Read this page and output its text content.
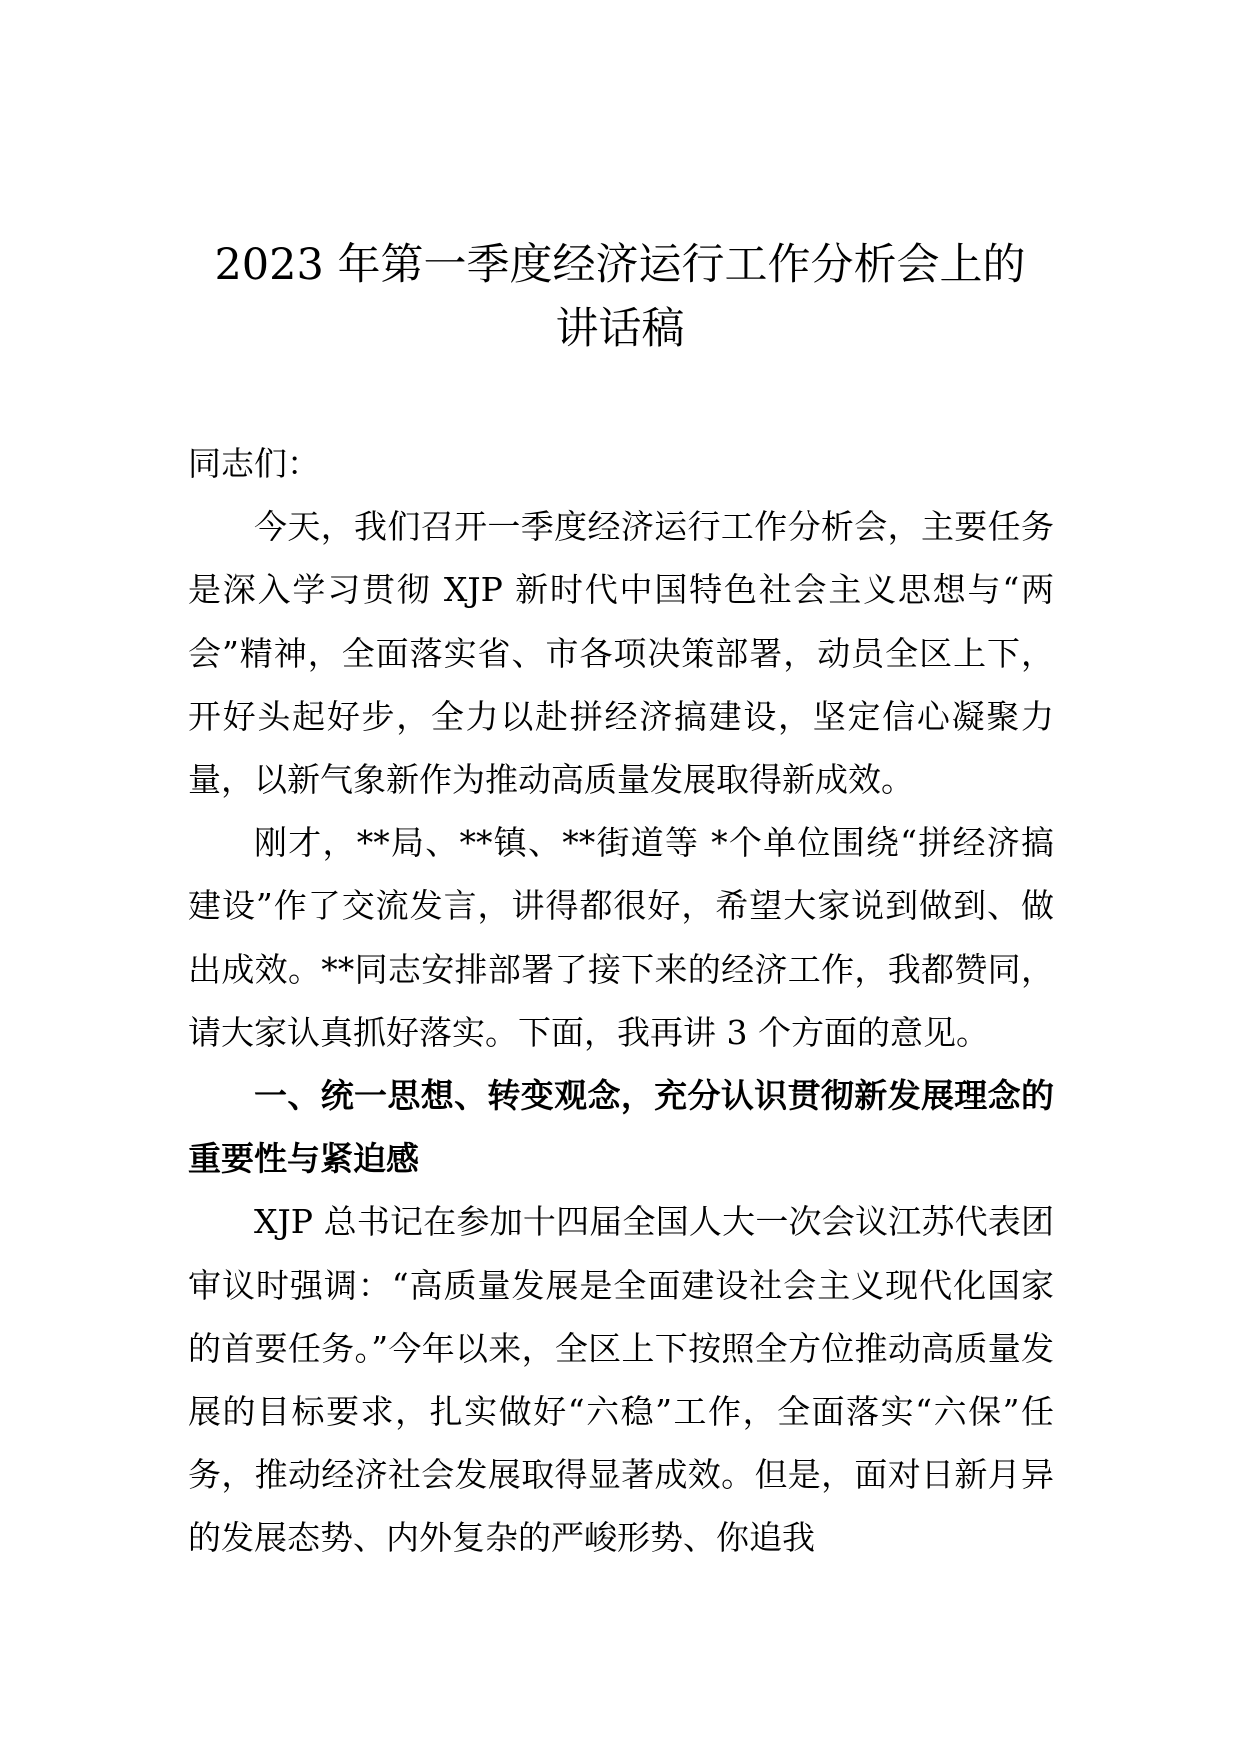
2023 年第一季度经济运行工作分析会上的
讲话稿

同志们：

今天，我们召开一季度经济运行工作分析会，主要任务是深入学习贯彻 XJP 新时代中国特色社会主义思想与“两会”精神，全面落实省、市各项决策部署，动员全区上下，开好头起好步，全力以赴拼经济搞建设，坚定信心凝聚力量，以新气象新作为推动高质量发展取得新成效。

刚才，**局、**镇、**街道等 *个单位围绕“拼经济搞建设”作了交流发言，讲得都很好，希望大家说到做到、做出成效。**同志安排部署了接下来的经济工作，我都赞同，请大家认真抓好落实。下面，我再讲 3 个方面的意见。

一、统一思想、转变观念，充分认识贯彻新发展理念的重要性与紧迫感

XJP 总书记在参加十四届全国人大一次会议江苏代表团审议时强调：“高质量发展是全面建设社会主义现代化国家的首要任务。”今年以来，全区上下按照全方位推动高质量发展的目标要求，扎实做好“六稳”工作，全面落实“六保”任务，推动经济社会发展取得显著成效。但是，面对日新月异的发展态势、内外复杂的严峻形势、你追我
